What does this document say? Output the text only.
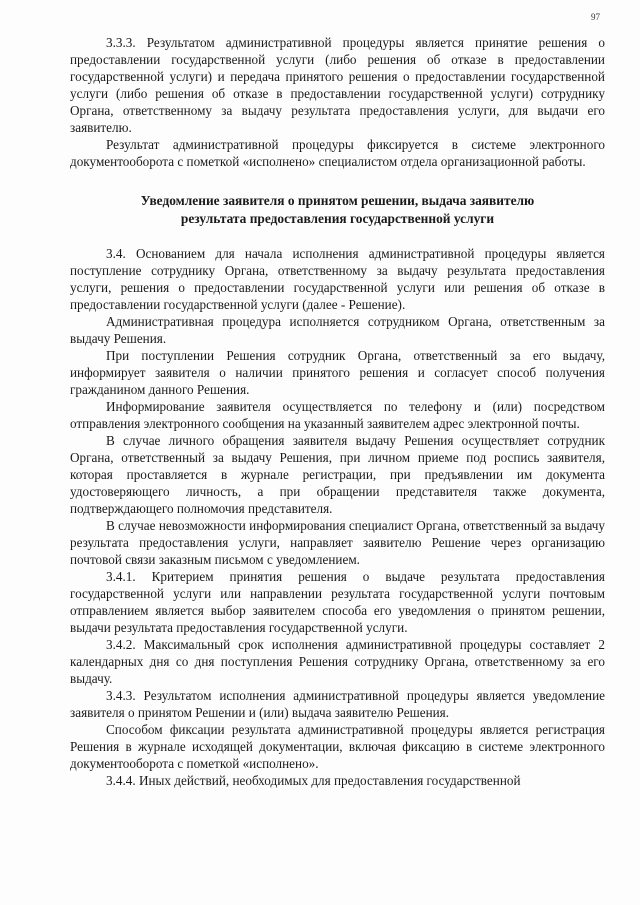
97

3.3.3. Результатом административной процедуры является принятие решения о предоставлении государственной услуги (либо решения об отказе в предоставлении государственной услуги) и передача принятого решения о предоставлении государственной услуги (либо решения об отказе в предоставлении государственной услуги) сотруднику Органа, ответственному за выдачу результата предоставления услуги, для выдачи его заявителю.

Результат административной процедуры фиксируется в системе электронного документооборота с пометкой «исполнено» специалистом отдела организационной работы.

Уведомление заявителя о принятом решении, выдача заявителю
результата предоставления государственной услуги

3.4. Основанием для начала исполнения административной процедуры является поступление сотруднику Органа, ответственному за выдачу результата предоставления услуги, решения о предоставлении государственной услуги или решения об отказе в предоставлении государственной услуги (далее - Решение).

Административная процедура исполняется сотрудником Органа, ответственным за выдачу Решения.

При поступлении Решения сотрудник Органа, ответственный за его выдачу, информирует заявителя о наличии принятого решения и согласует способ получения гражданином данного Решения.

Информирование заявителя осуществляется по телефону и (или) посредством отправления электронного сообщения на указанный заявителем адрес электронной почты.

В случае личного обращения заявителя выдачу Решения осуществляет сотрудник Органа, ответственный за выдачу Решения, при личном приеме под роспись заявителя, которая проставляется в журнале регистрации, при предъявлении им документа удостоверяющего личность, а при обращении представителя также документа, подтверждающего полномочия представителя.

В случае невозможности информирования специалист Органа, ответственный за выдачу результата предоставления услуги, направляет заявителю Решение через организацию почтовой связи заказным письмом с уведомлением.

3.4.1. Критерием принятия решения о выдаче результата предоставления государственной услуги или направлении результата государственной услуги почтовым отправлением является выбор заявителем способа его уведомления о принятом решении, выдачи результата предоставления государственной услуги.

3.4.2. Максимальный срок исполнения административной процедуры составляет 2 календарных дня со дня поступления Решения сотруднику Органа, ответственному за его выдачу.

3.4.3. Результатом исполнения административной процедуры является уведомление заявителя о принятом Решении и (или) выдача заявителю Решения.

Способом фиксации результата административной процедуры является регистрация Решения в журнале исходящей документации, включая фиксацию в системе электронного документооборота с пометкой «исполнено».

3.4.4. Иных действий, необходимых для предоставления государственной
